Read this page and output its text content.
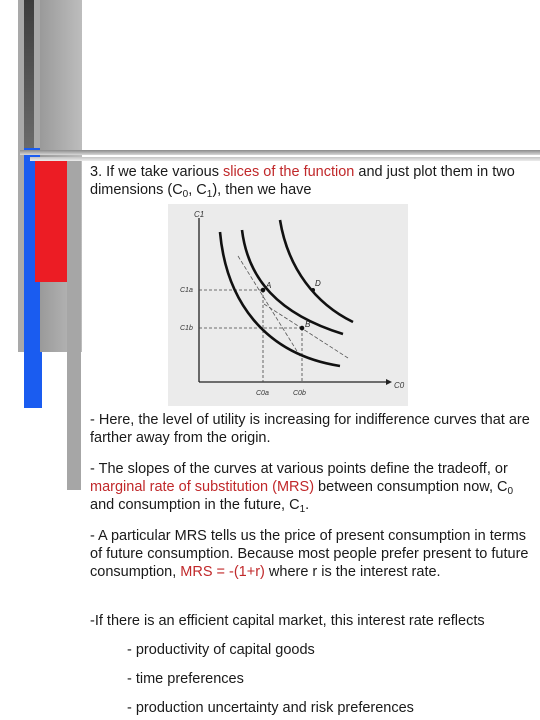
3. If we take various slices of the function and just plot them in two dimensions ($C_0$, $C_1$), then we have
C1
C0
C1a
C1b
C0a	C0b
A
B
D
- Here, the level of utility is increasing for indifference curves that are farther away from the origin.
- The slopes of the curves at various points define the tradeoff, or marginal rate of substitution (MRS) between consumption now, $C_0$ and consumption in the future, $C_1$.
- A particular MRS tells us the price of present consumption in terms of future consumption. Because most people prefer present to future consumption, MRS = -(1+r) where r is the interest rate.
-If there is an efficient capital market, this interest rate reflects
- productivity of capital goods
- time preferences
- production uncertainty and risk preferences
